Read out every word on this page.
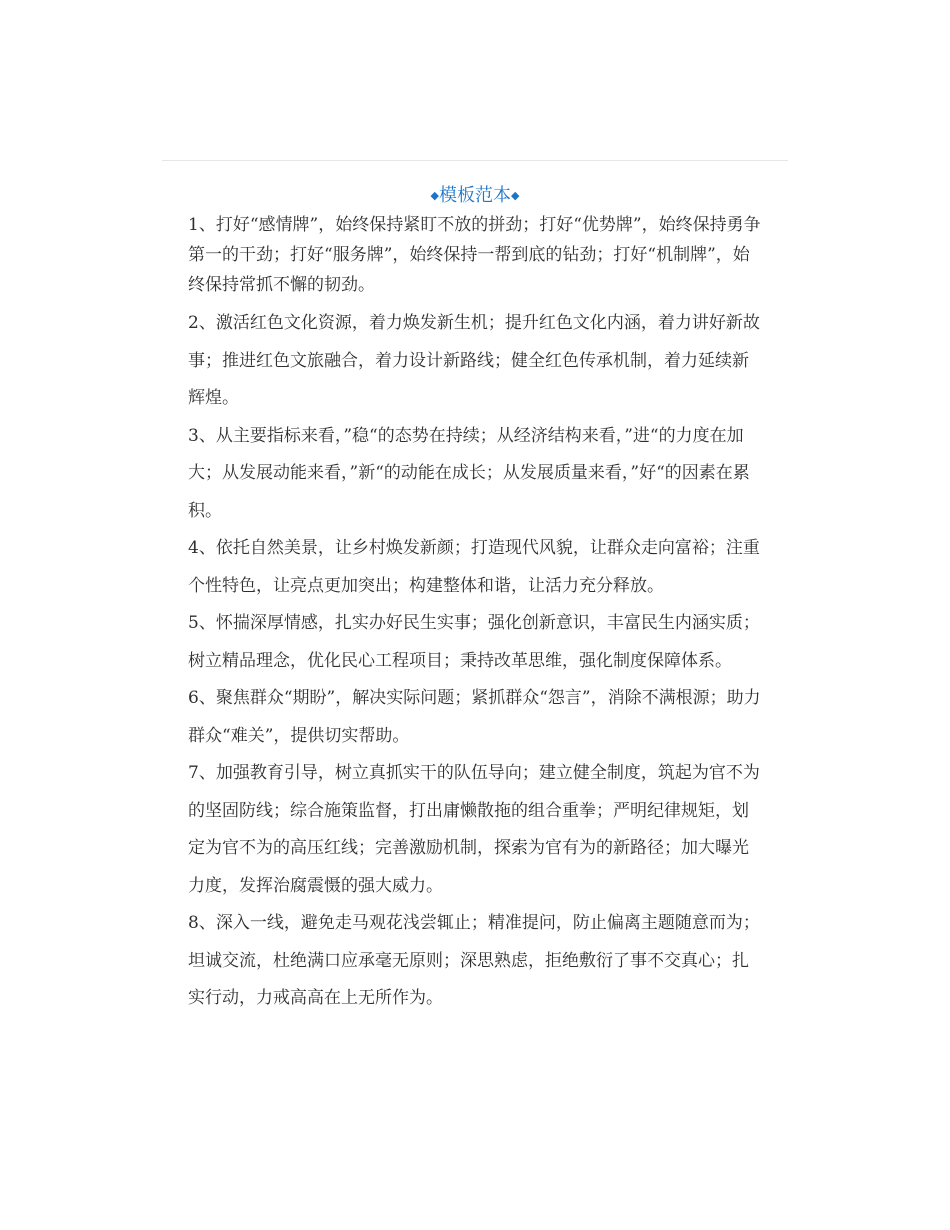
◆模板范本◆

1、打好“感情牌”，始终保持紧盯不放的拼劲；打好“优势牌”，始终保持勇争第一的干劲；打好“服务牌”，始终保持一帮到底的钻劲；打好“机制牌”，始终保持常抓不懈的韧劲。

2、激活红色文化资源，着力焕发新生机；提升红色文化内涵，着力讲好新故事；推进红色文旅融合，着力设计新路线；健全红色传承机制，着力延续新辉煌。

3、从主要指标来看，”稳“的态势在持续；从经济结构来看，”进“的力度在加大；从发展动能来看，”新“的动能在成长；从发展质量来看，”好“的因素在累积。

4、依托自然美景，让乡村焕发新颜；打造现代风貌，让群众走向富裕；注重个性特色，让亮点更加突出；构建整体和谐，让活力充分释放。

5、怀揣深厚情感，扎实办好民生实事；强化创新意识，丰富民生内涵实质；树立精品理念，优化民心工程项目；秉持改革思维，强化制度保障体系。

6、聚焦群众“期盼”，解决实际问题；紧抓群众“怨言”，消除不满根源；助力群众“难关”，提供切实帮助。

7、加强教育引导，树立真抓实干的队伍导向；建立健全制度，筑起为官不为的坚固防线；综合施策监督，打出庸懒散拖的组合重拳；严明纪律规矩，划定为官不为的高压红线；完善激励机制，探索为官有为的新路径；加大曝光力度，发挥治腐震慑的强大威力。

8、深入一线，避免走马观花浅尝辄止；精准提问，防止偏离主题随意而为；坦诚交流，杜绝满口应承毫无原则；深思熟虑，拒绝敷衍了事不交真心；扎实行动，力戒高高在上无所作为。
